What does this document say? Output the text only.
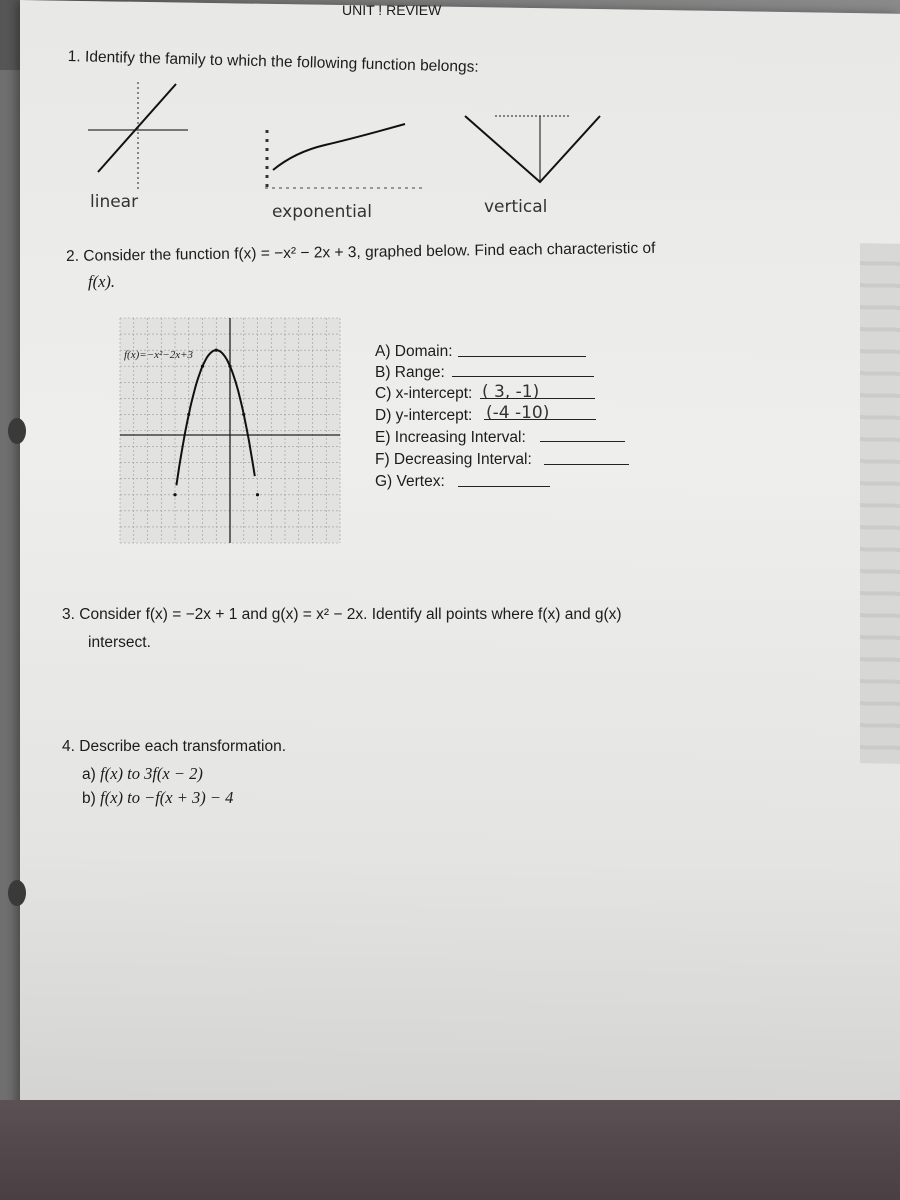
UNIT ! REVIEW
1. Identify the family to which the following function belongs:
linear	exponential	vertical
2. Consider the function f(x) = −x² − 2x + 3, graphed below. Find each characteristic of
f(x).
f(x)=−x²−2x+3	A) Domain:
B) Range:
C) x-intercept: ( 3, -1)
D) y-intercept: (-4 -10)
E) Increasing Interval:
F) Decreasing Interval:
G) Vertex:
3. Consider f(x) = −2x + 1 and g(x) = x² − 2x. Identify all points where f(x) and g(x)
intersect.
4. Describe each transformation.
a) f(x) to 3f(x − 2)
b) f(x) to −f(x + 3) − 4
